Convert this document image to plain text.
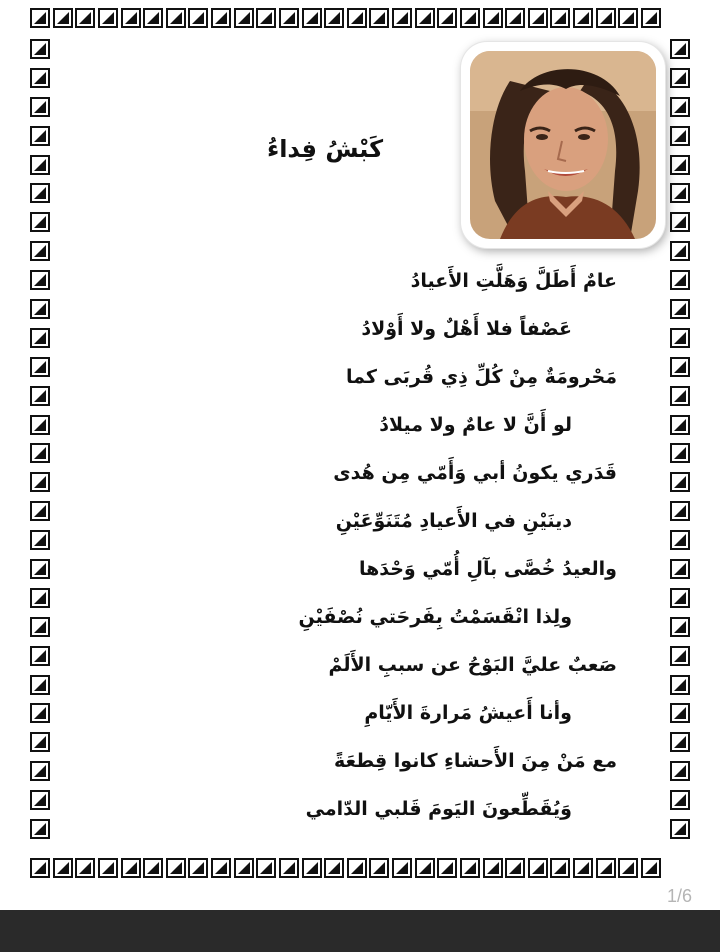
كَبْشُ فِداءُ
عامٌ أَطَلَّ وَهَلَّتِ الأَعيادُ
عَصْفاً فلا أَهْلٌ ولا أَوْلادُ
مَحْرومَةٌ مِنْ كُلِّ ذِي قُربَى كما
لو أَنَّ لا عامٌ ولا ميلادُ
قَدَري يكونُ أبي وَأَمّي مِن هُدى
دينَيْنِ في الأَعيادِ مُتَنَوِّعَيْنِ
والعيدُ خُصَّى بآلِ أُمّي وَحْدَها
ولِذا انْقَسَمْتُ بِفَرحَتي نُصْفَيْنِ
صَعبٌ عليَّ البَوْحُ عن سببِ الأَلَمْ
وأنا أَعيشُ مَرارةَ الأَيّامِ
مع مَنْ مِنَ الأَحشاءِ كانوا قِطعَةً
وَيُقَطِّعونَ اليَومَ قَلبي الدّامي
1/6
